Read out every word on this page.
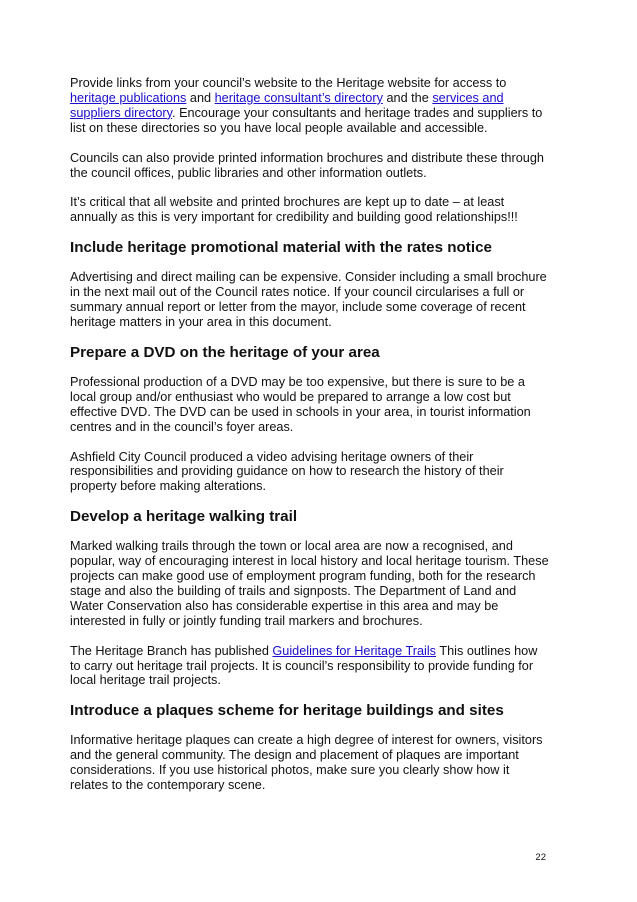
Provide links from your council’s website to the Heritage website for access to heritage publications and heritage consultant’s directory and the services and suppliers directory. Encourage your consultants and heritage trades and suppliers to list on these directories so you have local people available and accessible.

Councils can also provide printed information brochures and distribute these through the council offices, public libraries and other information outlets.

It’s critical that all website and printed brochures are kept up to date – at least annually as this is very important for credibility and building good relationships!!!

Include heritage promotional material with the rates notice

Advertising and direct mailing can be expensive. Consider including a small brochure in the next mail out of the Council rates notice. If your council circularises a full or summary annual report or letter from the mayor, include some coverage of recent heritage matters in your area in this document.

Prepare a DVD on the heritage of your area

Professional production of a DVD may be too expensive, but there is sure to be a local group and/or enthusiast who would be prepared to arrange a low cost but effective DVD. The DVD can be used in schools in your area, in tourist information centres and in the council’s foyer areas.

Ashfield City Council produced a video advising heritage owners of their responsibilities and providing guidance on how to research the history of their property before making alterations.

Develop a heritage walking trail

Marked walking trails through the town or local area are now a recognised, and popular, way of encouraging interest in local history and local heritage tourism. These projects can make good use of employment program funding, both for the research stage and also the building of trails and signposts. The Department of Land and Water Conservation also has considerable expertise in this area and may be interested in fully or jointly funding trail markers and brochures.

The Heritage Branch has published Guidelines for Heritage Trails This outlines how to carry out heritage trail projects. It is council’s responsibility to provide funding for local heritage trail projects.

Introduce a plaques scheme for heritage buildings and sites

Informative heritage plaques can create a high degree of interest for owners, visitors and the general community. The design and placement of plaques are important considerations. If you use historical photos, make sure you clearly show how it relates to the contemporary scene.

22
